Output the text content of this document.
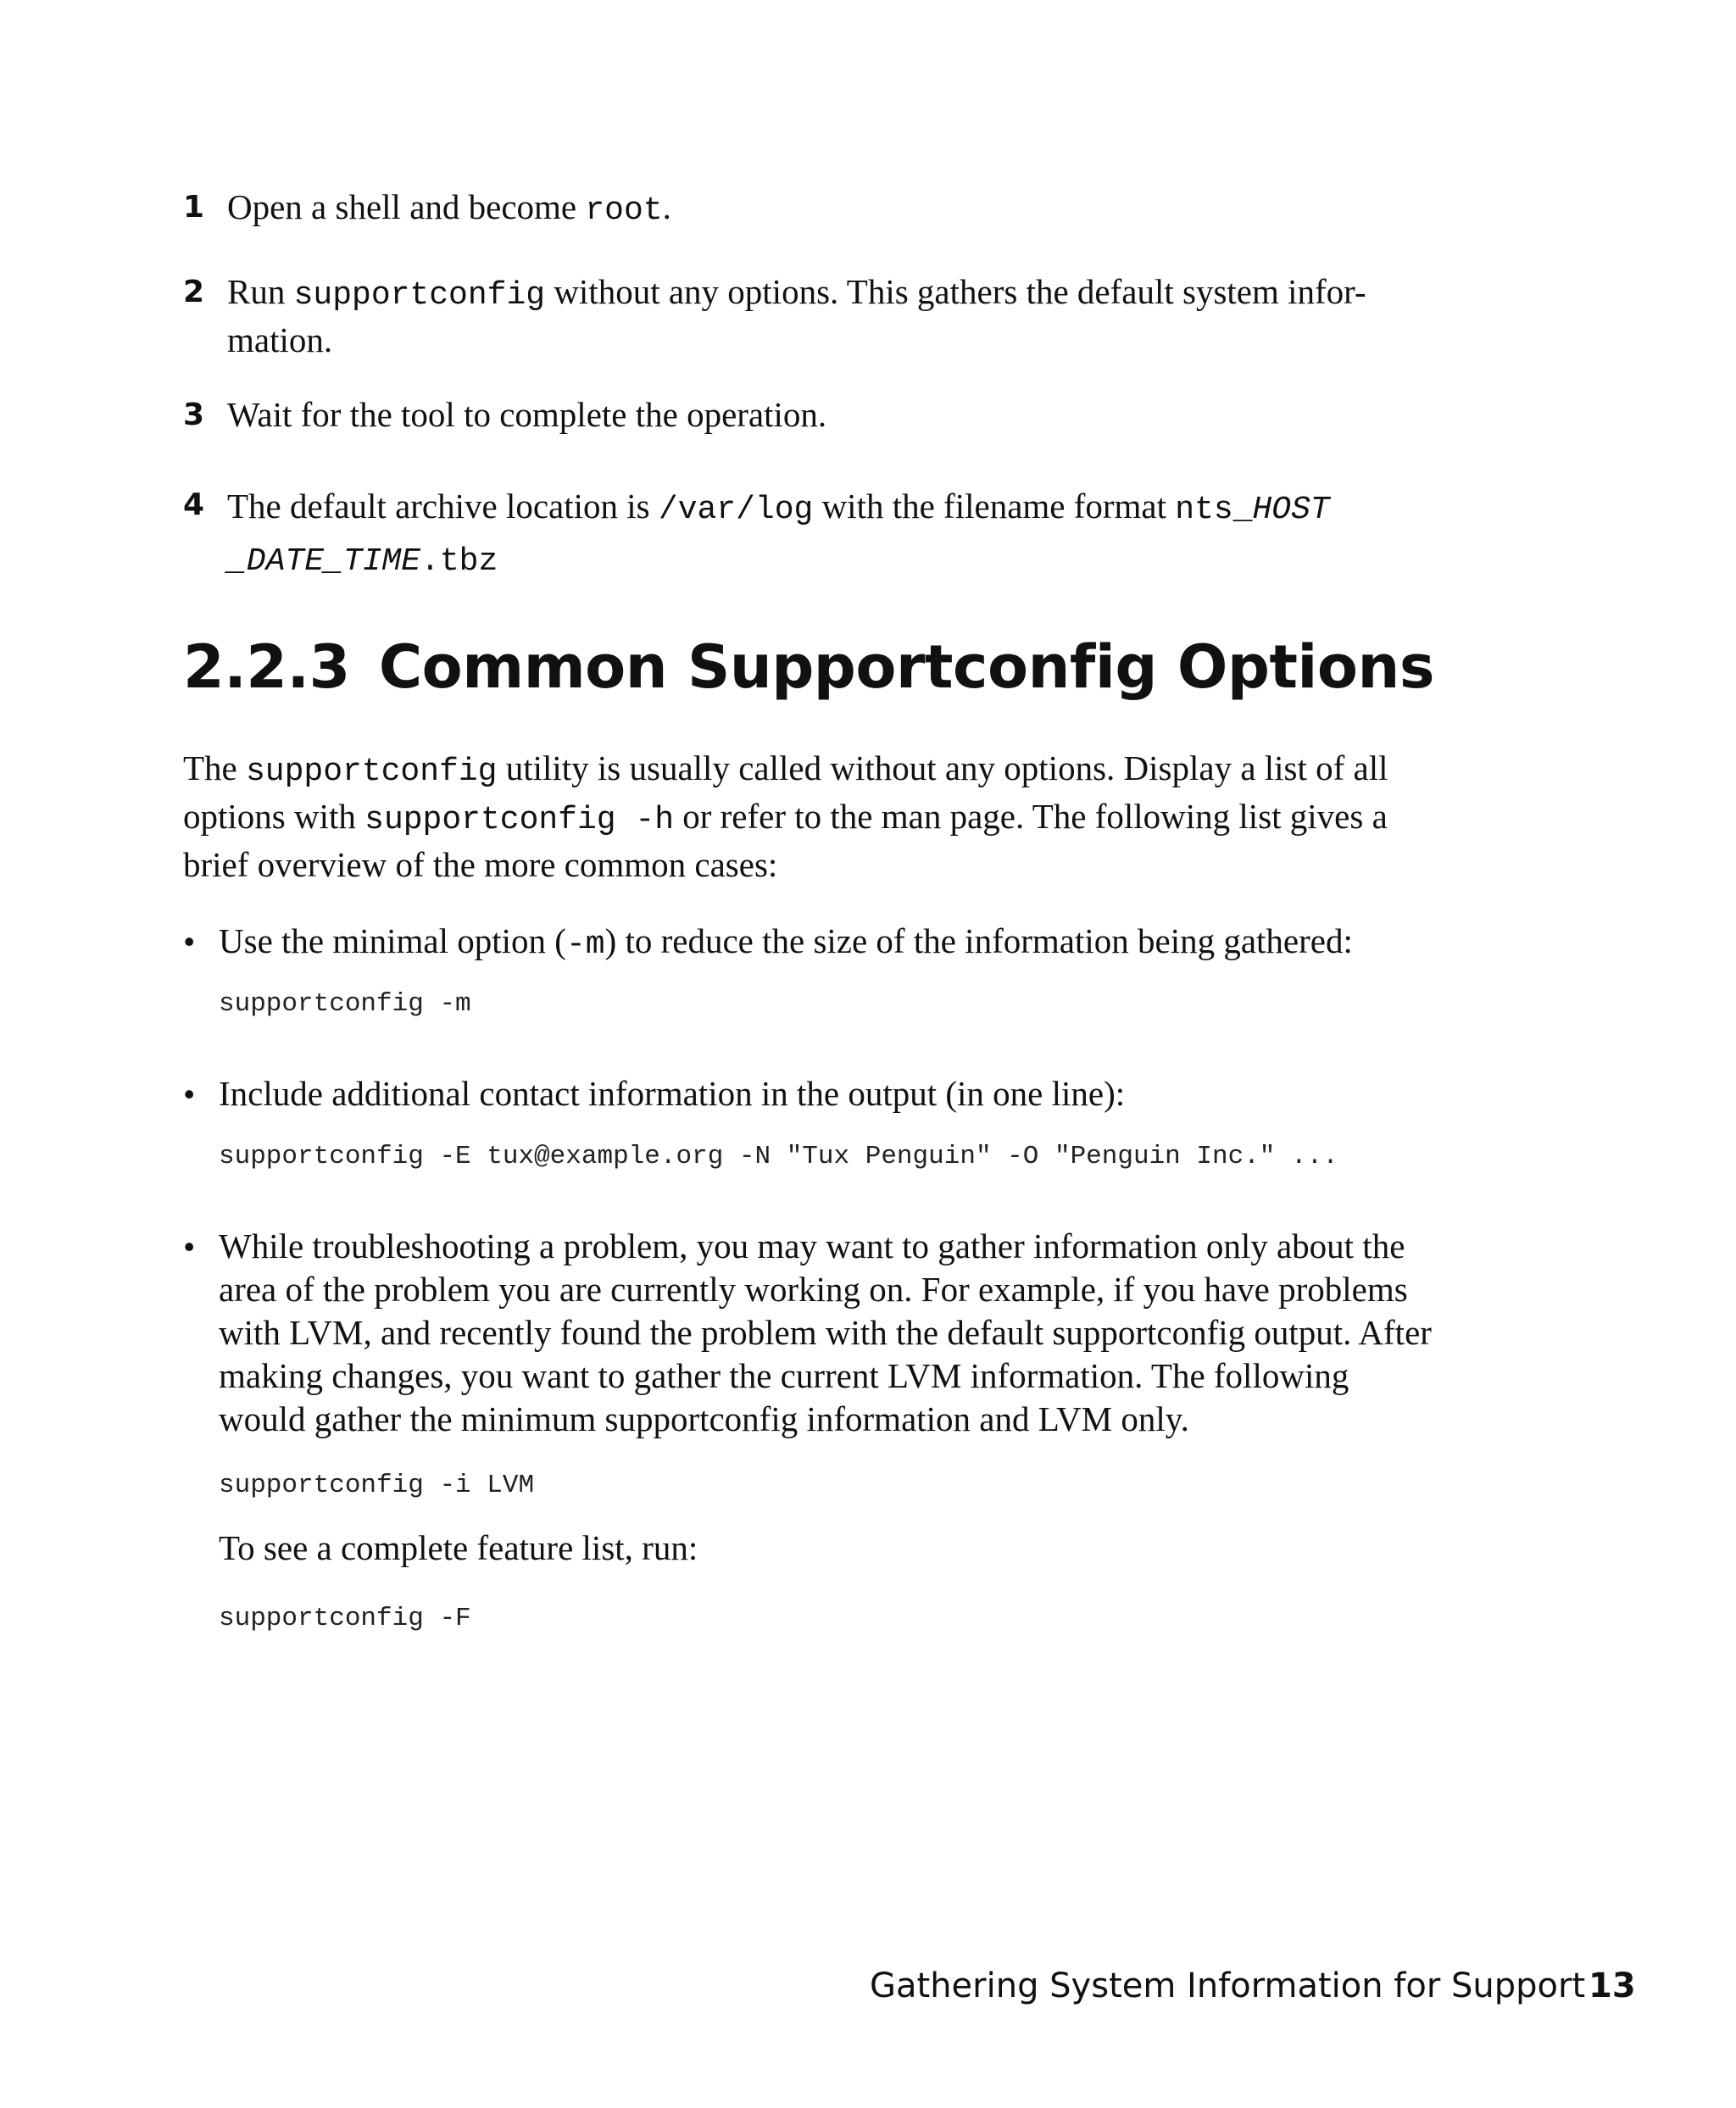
1 Open a shell and become root.
2 Run supportconfig without any options. This gathers the default system infor-
mation.
3 Wait for the tool to complete the operation.
4 The default archive location is /var/log with the filename format nts_HOST
_DATE_TIME.tbz
2.2.3 Common Supportconfig Options

The supportconfig utility is usually called without any options. Display a list of all options with supportconfig -h or refer to the man page. The following list gives a brief overview of the more common cases:

• Use the minimal option (-m) to reduce the size of the information being gathered:
supportconfig -m
• Include additional contact information in the output (in one line):
supportconfig -E tux@example.org -N "Tux Penguin" -O "Penguin Inc." ...
• While troubleshooting a problem, you may want to gather information only about the area of the problem you are currently working on. For example, if you have problems with LVM, and recently found the problem with the default supportconfig output. After making changes, you want to gather the current LVM information. The following would gather the minimum supportconfig information and LVM only.
supportconfig -i LVM
To see a complete feature list, run:
supportconfig -F
Gathering System Information for Support 13
